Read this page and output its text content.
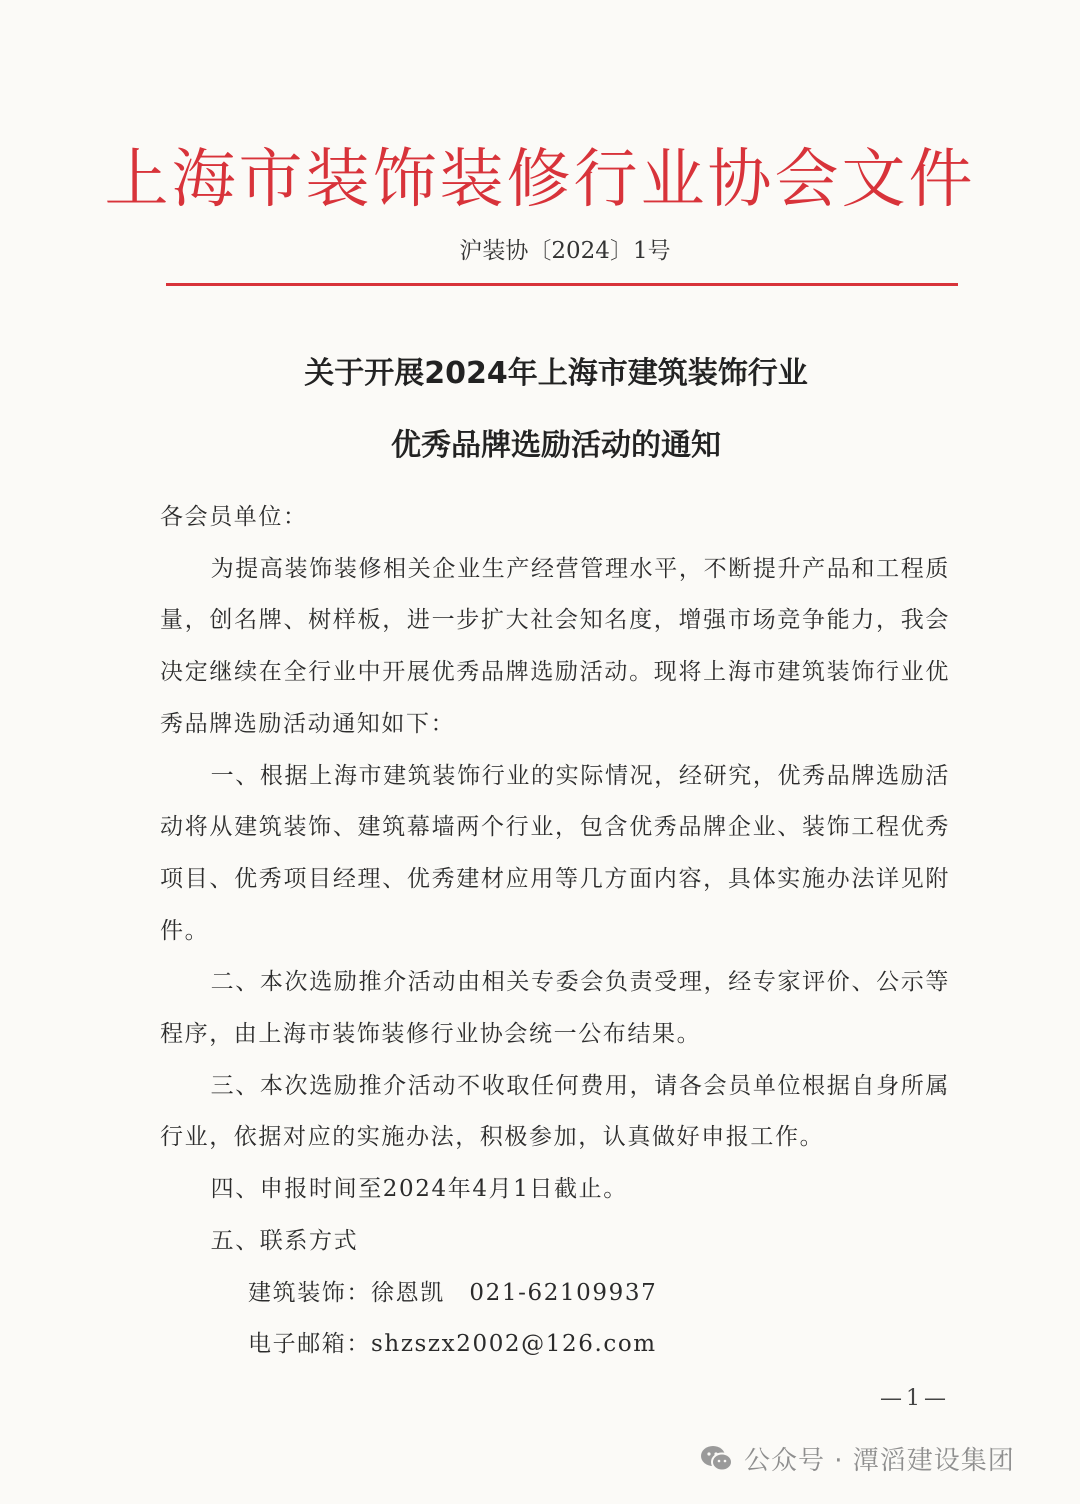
上海市装饰装修行业协会文件
沪装协〔2024〕1号
关于开展2024年上海市建筑装饰行业
优秀品牌选励活动的通知

各会员单位：

为提高装饰装修相关企业生产经营管理水平，不断提升产品和工程质量，创名牌、树样板，进一步扩大社会知名度，增强市场竞争能力，我会决定继续在全行业中开展优秀品牌选励活动。现将上海市建筑装饰行业优秀品牌选励活动通知如下：

一、根据上海市建筑装饰行业的实际情况，经研究，优秀品牌选励活动将从建筑装饰、建筑幕墙两个行业，包含优秀品牌企业、装饰工程优秀项目、优秀项目经理、优秀建材应用等几方面内容，具体实施办法详见附件。

二、本次选励推介活动由相关专委会负责受理，经专家评价、公示等程序，由上海市装饰装修行业协会统一公布结果。

三、本次选励推介活动不收取任何费用，请各会员单位根据自身所属行业，依据对应的实施办法，积极参加，认真做好申报工作。

四、申报时间至2024年4月1日截止。

五、联系方式

建筑装饰：徐恩凯　021-62109937

电子邮箱：shzszx2002@126.com

—1—
公众号 · 潭滔建设集团
